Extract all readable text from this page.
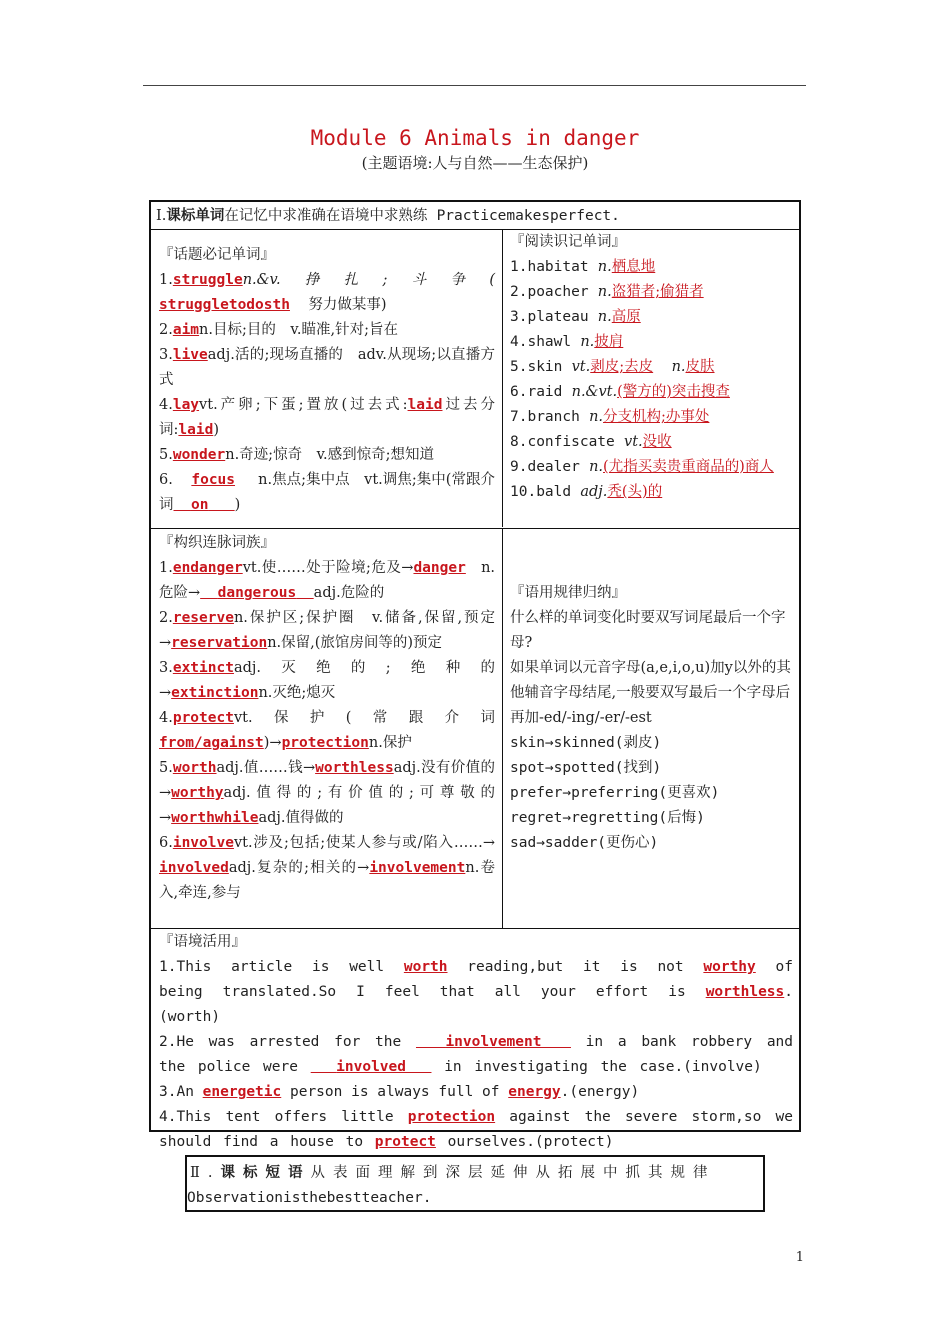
Module 6 Animals in danger
(主题语境:人与自然——生态保护)
Ⅰ.课标单词在记忆中求准确在语境中求熟练 Practicemakesperfect.
『话题必记单词』
1.strugglen.&v.　挣　扎　;　斗　争　( struggletodosth 努力做某事)
2.aimn.目标;目的　v.瞄准,针对;旨在
3.liveadj.活的;现场直播的　adv.从现场;以直播方式
4.layvt.产卵;下蛋;置放(过去式:laid过去分词:laid)
5.wondern.奇迹;惊奇　v.感到惊奇;想知道
6. focus n.焦点;集中点　vt.调焦;集中(常跟介词 on )
『阅读识记单词』
1.habitat n.栖息地
2.poacher n.盗猎者;偷猎者
3.plateau n.高原
4.shawl n.披肩
5.skin vt.剥皮;去皮 n.皮肤
6.raid n.&vt.(警方的)突击搜查
7.branch n.分支机构;办事处
8.confiscate vt.没收
9.dealer n.(尤指买卖贵重商品的)商人
10.bald adj.秃(头)的
『构织连脉词族』
1.endangervt.使……处于险境;危及→danger n.危险→ dangerous adj.危险的
2.reserven.保护区;保护圈　v.储备,保留,预定→reservationn.保留,(旅馆房间等的)预定
3.extinctadj.　灭　绝　的　;　绝　种　的→extinctionn.灭绝;熄灭
4.protectvt.　保　护　(　常　跟　介　词 from/against)→protectionn.保护
5.worthadj.值……钱→worthlessadj.没有价值的→worthyadj.值得的;有价值的;可尊敬的→worthwhileadj.值得做的
6.involvevt.涉及;包括;使某人参与或/陷入……→ involvedadj.复杂的;相关的→involvementn.卷入,牵连,参与
『语用规律归纳』
什么样的单词变化时要双写词尾最后一个字母?
如果单词以元音字母(a,e,i,o,u)加y以外的其他辅音字母结尾,一般要双写最后一个字母后再加-ed/-ing/-er/-est
skin→skinned(剥皮)
spot→spotted(找到)
prefer→preferring(更喜欢)
regret→regretting(后悔)
sad→sadder(更伤心)
『语境活用』
1.This article is well worth reading,but it is not worthy of being translated.So I feel that all your effort is worthless.(worth)
2.He was arrested for the   involvement   in a bank robbery and the police were   involved   in investigating the case.(involve)
3.An energetic person is always full of energy.(energy)
4.This tent offers little protection against the severe storm,so we should find a house to protect ourselves.(protect)
Ⅱ.课标短语从表面理解到深层延伸从拓展中抓其规律
Observationisthebestteacher.
1
